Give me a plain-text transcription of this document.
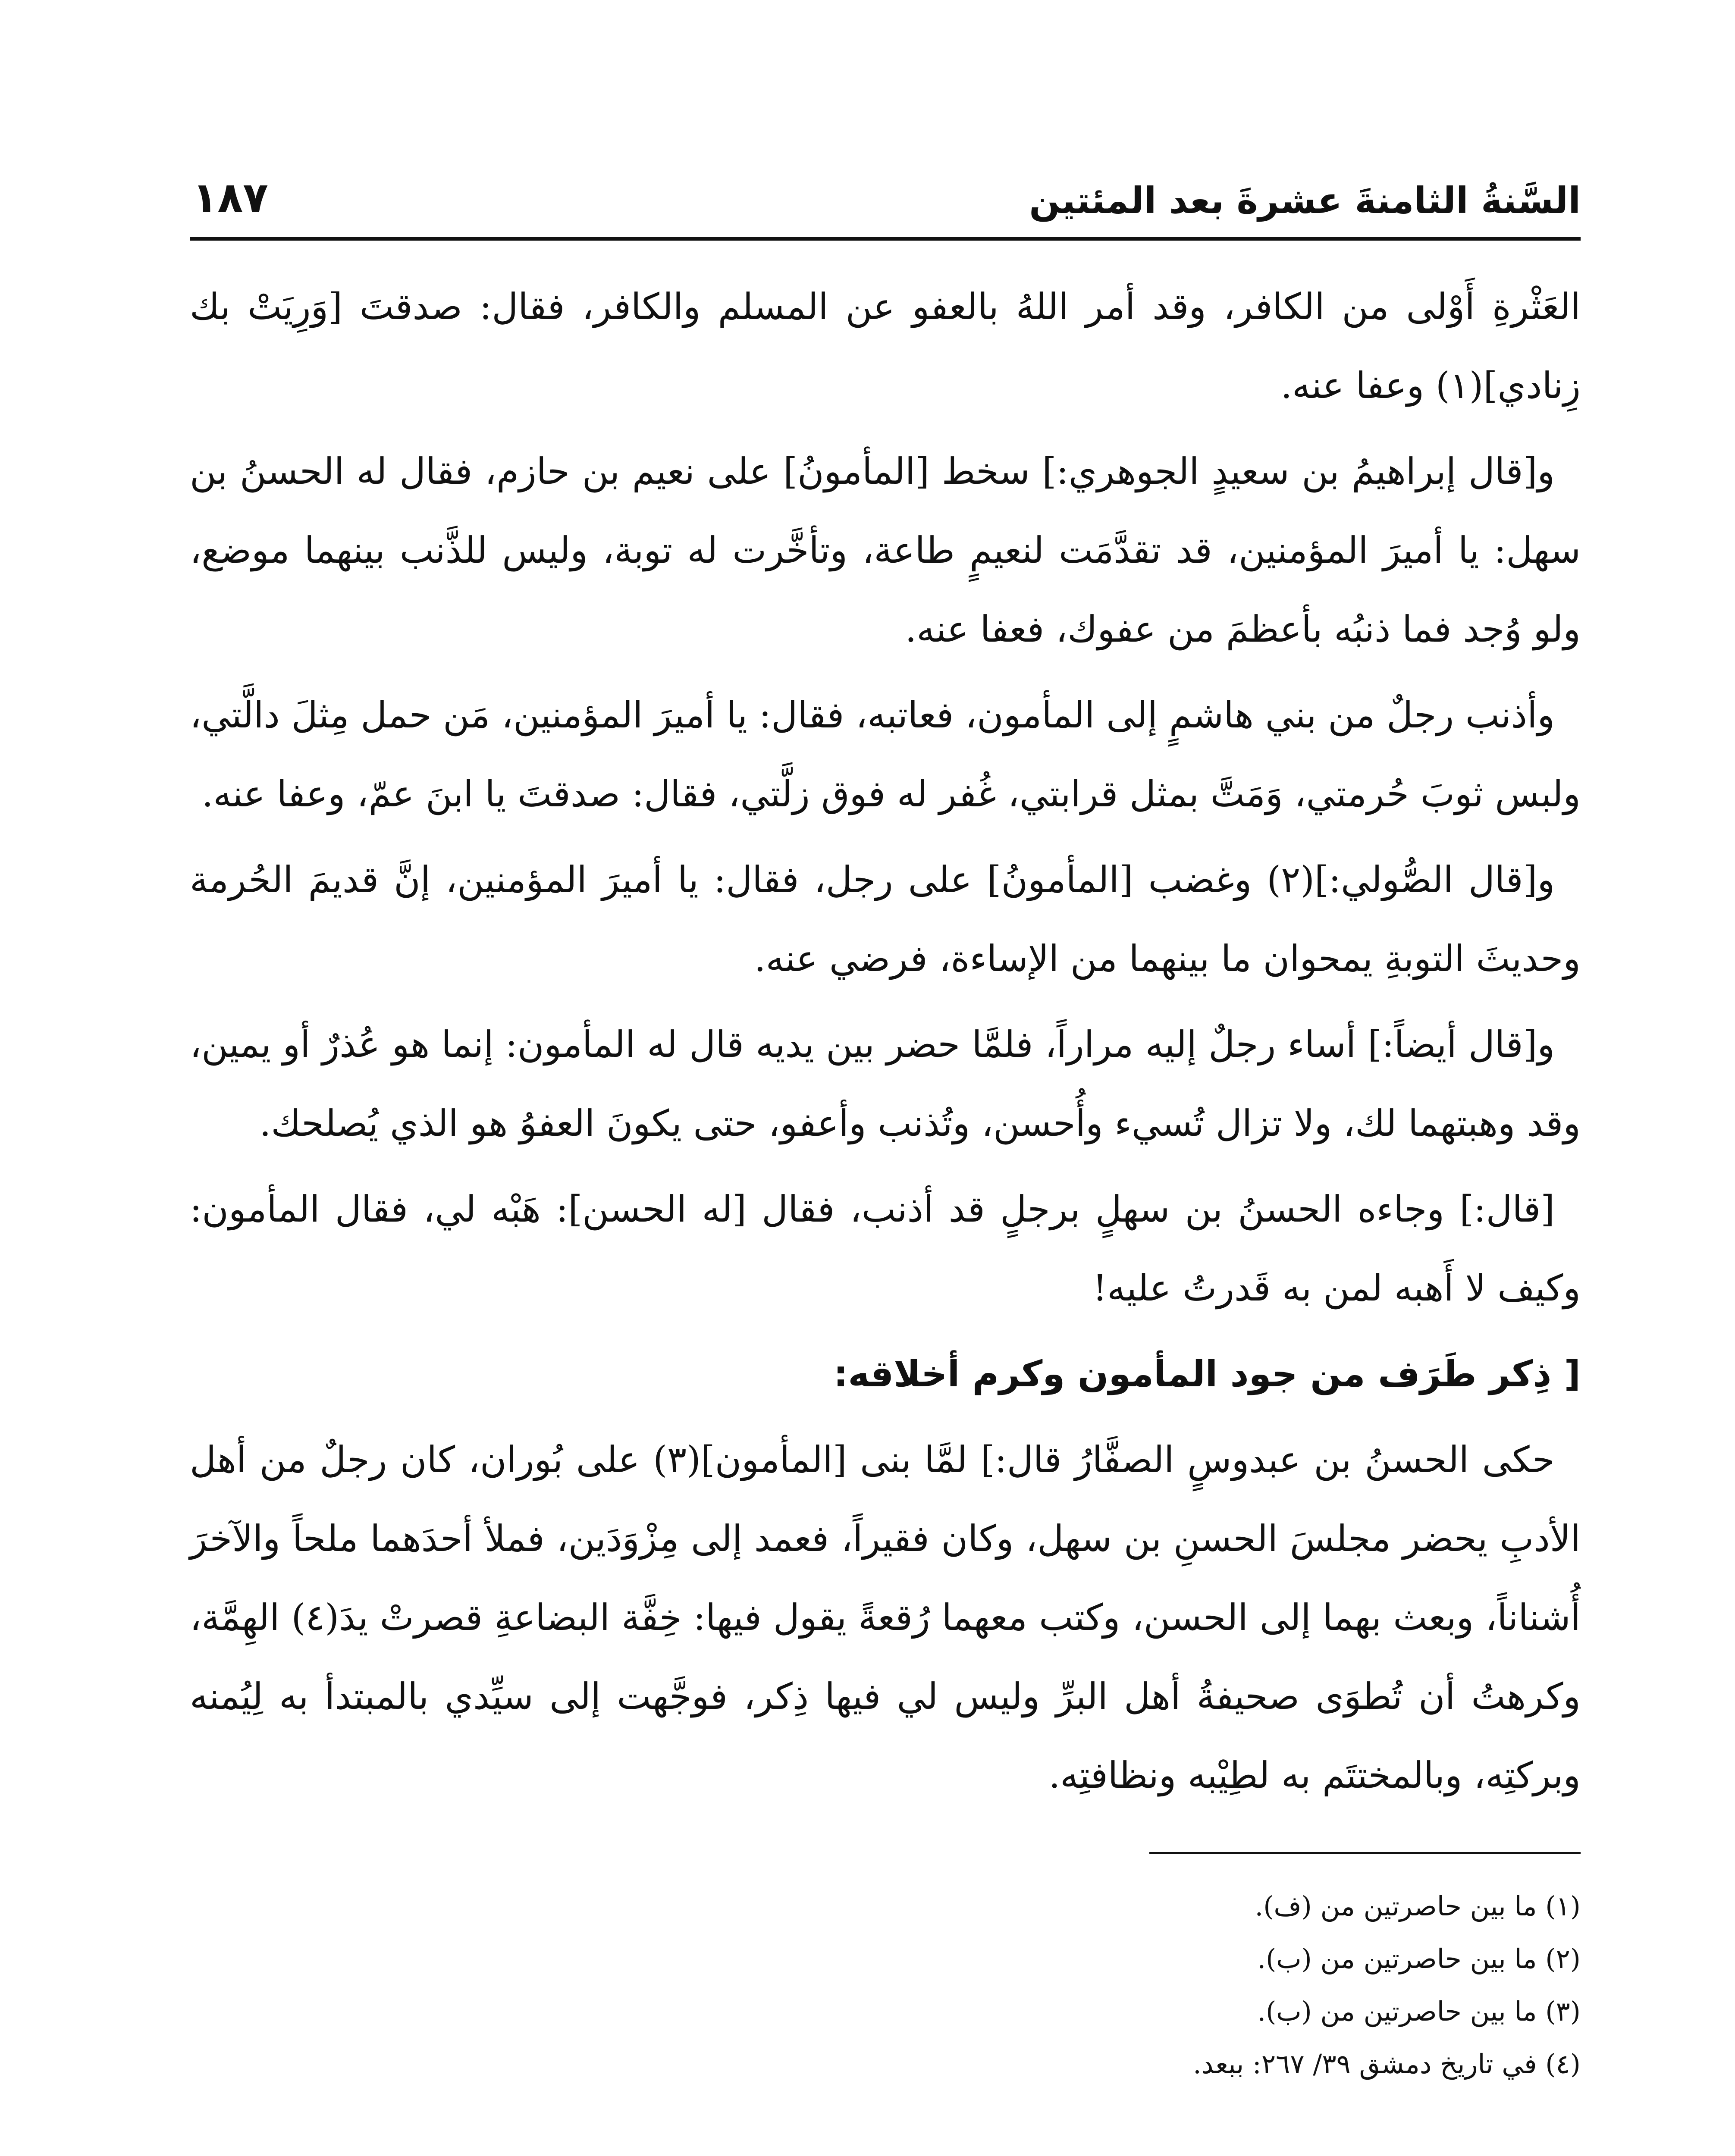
السَّنةُ الثامنةَ عشرةَ بعد المئتين
١٨٧

العَثْرةِ أَوْلى من الكافر، وقد أمر اللهُ بالعفو عن المسلم والكافر، فقال: صدقتَ [وَرِيَتْ بك زِنادي](١) وعفا عنه.

و[قال إبراهيمُ بن سعيدٍ الجوهري:] سخط [المأمونُ] على نعيم بن حازم، فقال له الحسنُ بن سهل: يا أميرَ المؤمنين، قد تقدَّمَت لنعيمٍ طاعة، وتأخَّرت له توبة، وليس للذَّنب بينهما موضع، ولو وُجد فما ذنبُه بأعظمَ من عفوك، فعفا عنه.

وأذنب رجلٌ من بني هاشمٍ إلى المأمون، فعاتبه، فقال: يا أميرَ المؤمنين، مَن حمل مِثلَ دالَّتي، ولبس ثوبَ حُرمتي، وَمَتَّ بمثل قرابتي، غُفر له فوق زلَّتي، فقال: صدقتَ يا ابنَ عمّ، وعفا عنه.

و[قال الصُّولي:](٢) وغضب [المأمونُ] على رجل، فقال: يا أميرَ المؤمنين، إنَّ قديمَ الحُرمة وحديثَ التوبةِ يمحوان ما بينهما من الإساءة، فرضي عنه.

و[قال أيضاً:] أساء رجلٌ إليه مراراً، فلمَّا حضر بين يديه قال له المأمون: إنما هو عُذرٌ أو يمين، وقد وهبتهما لك، ولا تزال تُسيء وأُحسن، وتُذنب وأعفو، حتى يكونَ العفوُ هو الذي يُصلحك.

[قال:] وجاءه الحسنُ بن سهلٍ برجلٍ قد أذنب، فقال [له الحسن]: هَبْه لي، فقال المأمون: وكيف لا أَهبه لمن به قَدرتُ عليه!

[ ذِكر طَرَف من جود المأمون وكرم أخلاقه:

حكى الحسنُ بن عبدوسٍ الصفَّارُ قال:] لمَّا بنى [المأمون](٣) على بُوران، كان رجلٌ من أهل الأدبِ يحضر مجلسَ الحسنِ بن سهل، وكان فقيراً، فعمد إلى مِزْوَدَين، فملأ أحدَهما ملحاً والآخرَ أُشناناً، وبعث بهما إلى الحسن، وكتب معهما رُقعةً يقول فيها: خِفَّة البضاعةِ قصرتْ يدَ(٤) الهِمَّة، وكرهتُ أن تُطوَى صحيفةُ أهل البرِّ وليس لي فيها ذِكر، فوجَّهت إلى سيِّدي بالمبتدأ به لِيُمنه وبركتِه، وبالمختتَم به لطِيْبه ونظافتِه.

(١) ما بين حاصرتين من (ف).

(٢) ما بين حاصرتين من (ب).

(٣) ما بين حاصرتين من (ب).

(٤) في تاريخ دمشق ٣٩/ ٢٦٧: ببعد.
